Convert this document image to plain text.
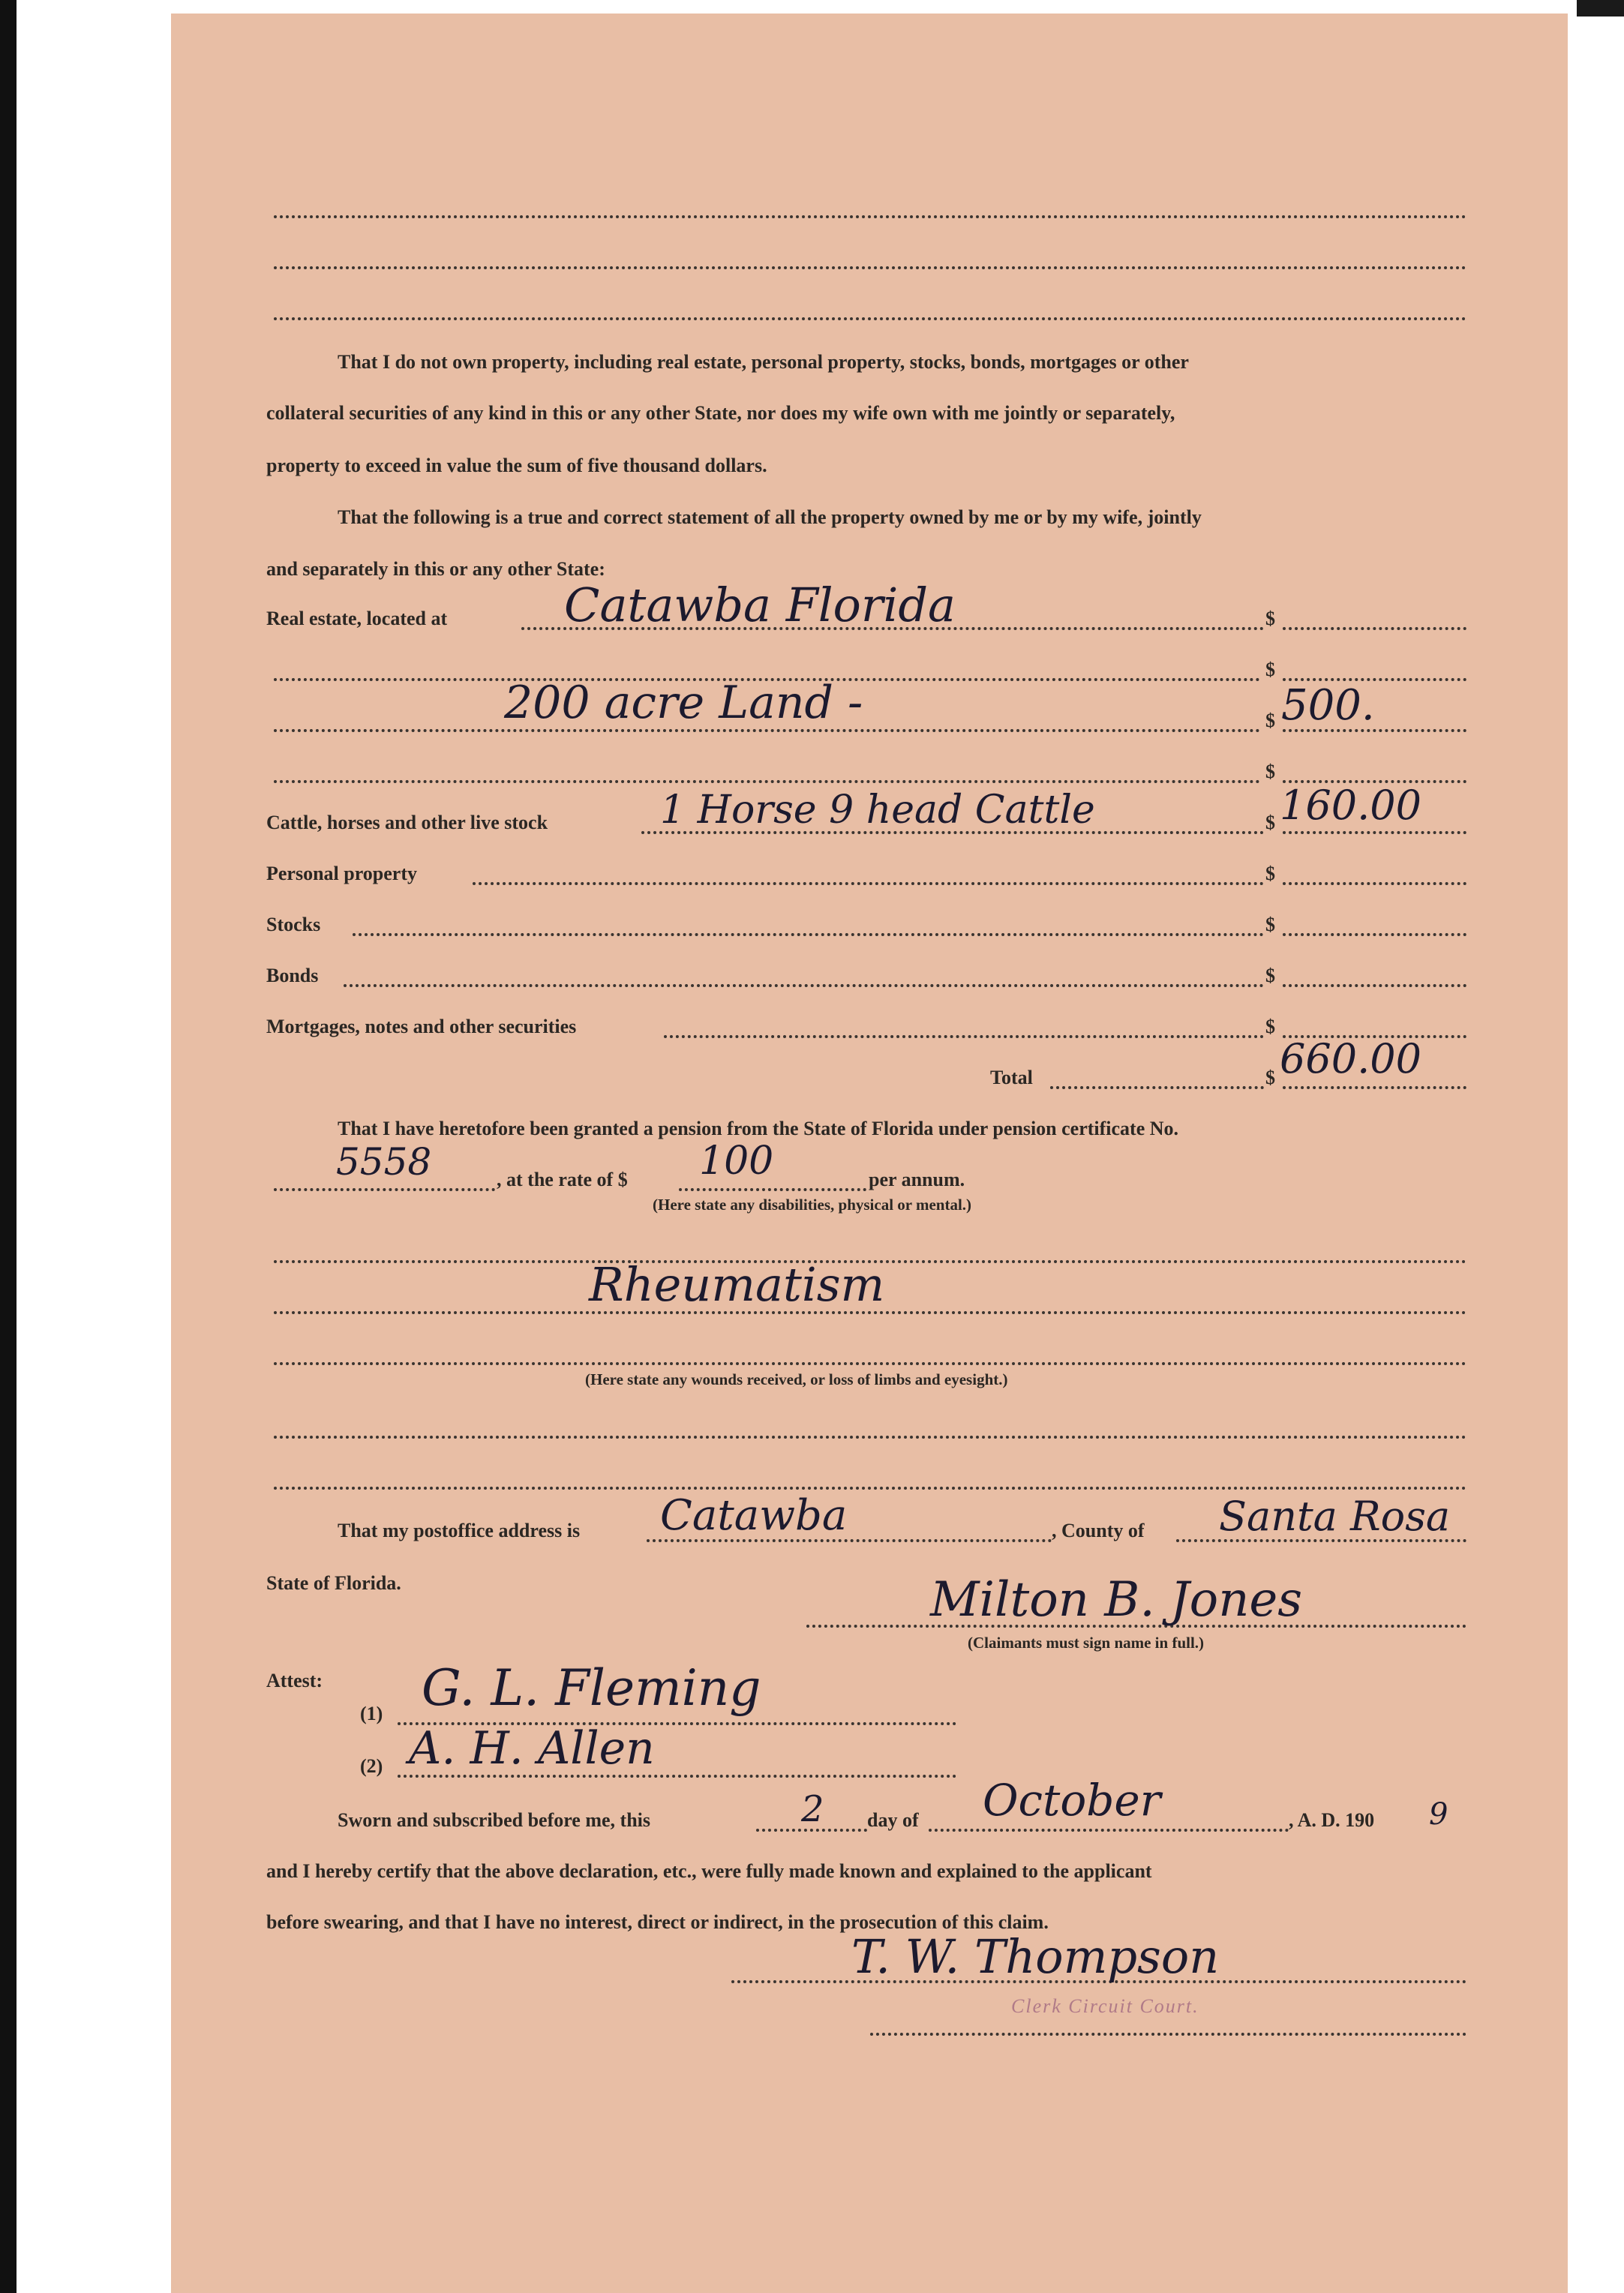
That I do not own property, including real estate, personal property, stocks, bonds, mortgages or other
collateral securities of any kind in this or any other State, nor does my wife own with me jointly or separately,
property to exceed in value the sum of five thousand dollars.
That the following is a true and correct statement of all the property owned by me or by my wife, jointly
and separately in this or any other State:
Real estate, located at	Catawba Florida	$
$
200 acre Land -	$ 500.
$
Cattle, horses and other live stock	1 Horse 9 head Cattle	$ 160.00
Personal property	$
Stocks	$
Bonds	$
Mortgages, notes and other securities	$
Total	$ 660.00
That I have heretofore been granted a pension from the State of Florida under pension certificate No.
5558	, at the rate of $ 100	per annum.
(Here state any disabilities, physical or mental.)
Rheumatism
(Here state any wounds received, or loss of limbs and eyesight.)
That my postoffice address is Catawba	, County of Santa Rosa
State of Florida.	Milton B. Jones
(Claimants must sign name in full.)
Attest:
(1) G. L. Fleming
(2) A. H. Allen
Sworn and subscribed before me, this	2 day of October	, A. D. 190 9
and I hereby certify that the above declaration, etc., were fully made known and explained to the applicant
before swearing, and that I have no interest, direct or indirect, in the prosecution of this claim.
T. W. Thompson
Clerk Circuit Court.
